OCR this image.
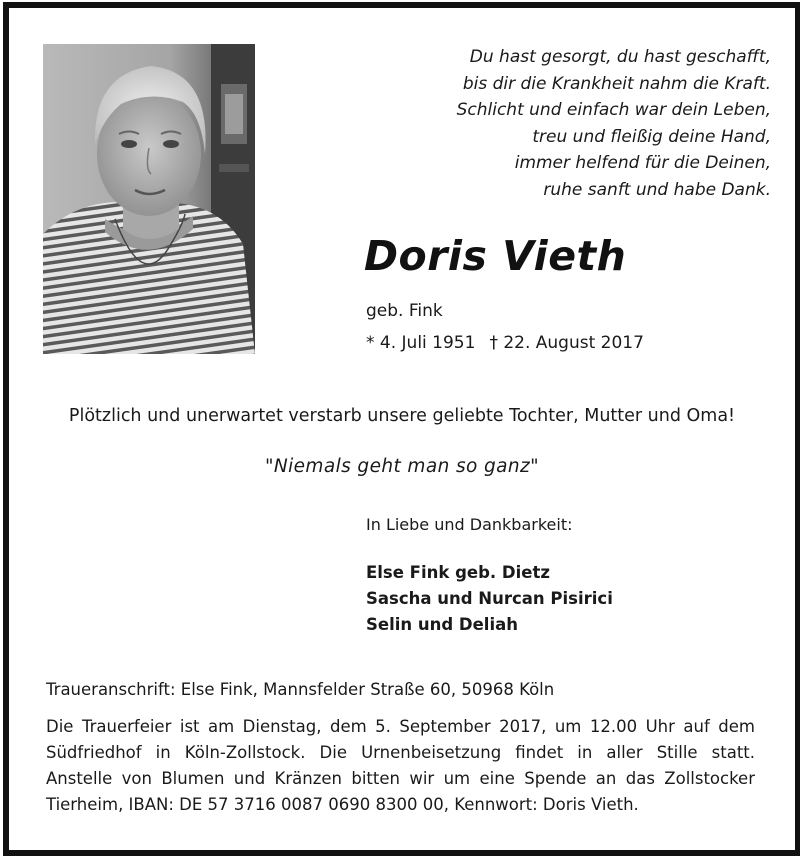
Du hast gesorgt, du hast geschafft,
bis dir die Krankheit nahm die Kraft.
Schlicht und einfach war dein Leben,
treu und fleißig deine Hand,
immer helfend für die Deinen,
ruhe sanft und habe Dank.
Doris Vieth
geb. Fink
* 4. Juli 1951 † 22. August 2017
Plötzlich und unerwartet verstarb unsere geliebte Tochter, Mutter und Oma!
"Niemals geht man so ganz"
In Liebe und Dankbarkeit:
Else Fink geb. Dietz
Sascha und Nurcan Pisirici
Selin und Deliah
Traueranschrift: Else Fink, Mannsfelder Straße 60, 50968 Köln
Die Trauerfeier ist am Dienstag, dem 5. September 2017, um 12.00 Uhr auf dem
Südfriedhof in Köln-Zollstock. Die Urnenbeisetzung findet in aller Stille statt.
Anstelle von Blumen und Kränzen bitten wir um eine Spende an das Zollstocker
Tierheim, IBAN: DE 57 3716 0087 0690 8300 00, Kennwort: Doris Vieth.
